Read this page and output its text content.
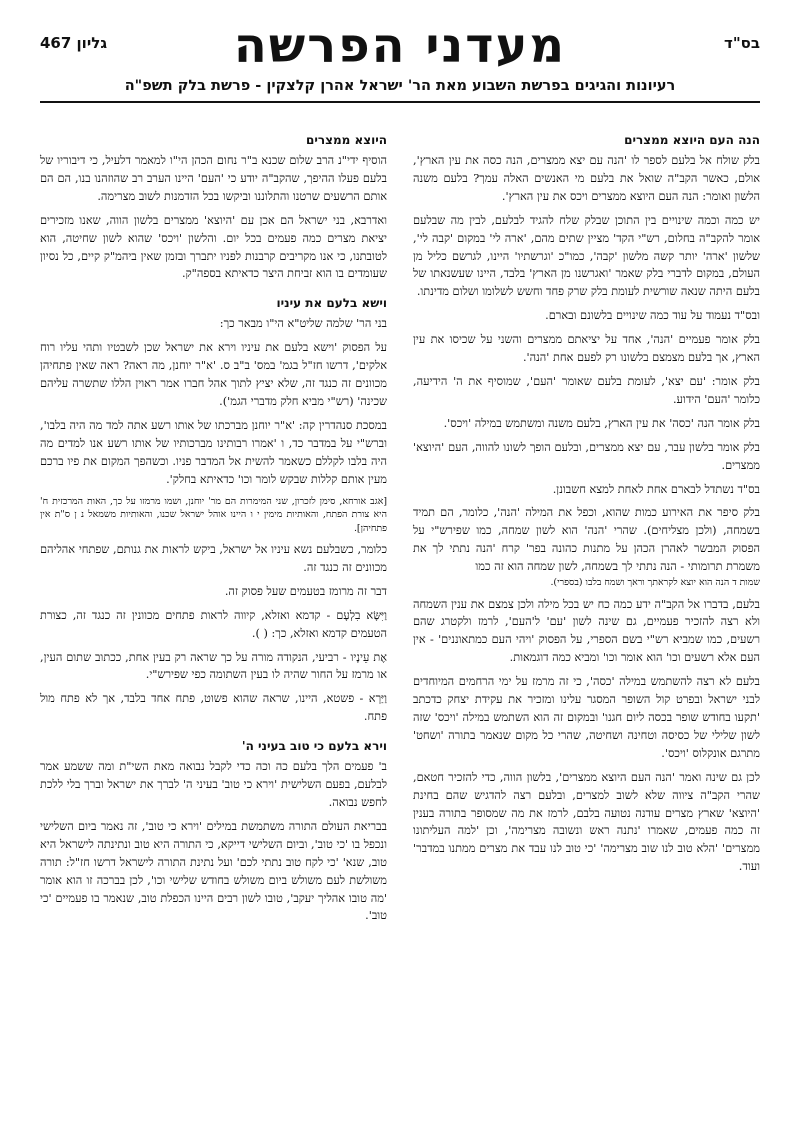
בס"ד
מעדני הפרשה
גליון 467
רעיונות והגיגים בפרשת השבוע מאת הר' ישראל אהרן קלצקין - פרשת בלק תשפ"ה
הנה העם היוצא ממצרים

בלק שולח אל בלעם לספר לו 'הנה עם יצא ממצרים, הנה כסה את עין הארץ', אולם, כאשר הקב"ה שואל את בלעם מי האנשים האלה עמך? בלעם משנה הלשון ואומר: הנה העם היוצא ממצרים ויכס את עין הארץ'.

יש כמה וכמה שינויים בין התוכן שבלק שלח להגיד לבלעם, לבין מה שבלעם אומר להקב"ה בחלום, רש"י הקד' מציין שתים מהם, 'ארה לי' במקום 'קבה לי', שלשון 'ארה' יותר קשה מלשון 'קבה', כמו"כ 'וגרשתיו' היינו, לגרשם כליל מן העולם, במקום לדברי בלק שאמר 'ואגרשנו מן הארץ' בלבד, היינו שעשנאתו של בלעם היתה שנאה שורשית לעומת בלק שרק פחד וחשש לשלומו ושלום מדינתו.

ובס"ד נעמוד על עוד כמה שינויים בלשונם ובארם.

בלק אומר פעמיים 'הנה', אחד על יציאתם ממצרים והשני על שכיסו את עין הארץ, אך בלעם מצמצם בלשונו רק לפעם אחת 'הנה'.

בלק אומר: 'עם יצא', לעומת בלעם שאומר 'העם', שמוסיף את ה' הידיעה, כלומר 'העם' הידוע.

בלק אומר הנה 'כסה' את עין הארץ, בלעם משנה ומשתמש במילה 'ויכס'.

בלק אומר בלשון עבר, עם יצא ממצרים, ובלעם הופך לשונו להווה, העם 'היוצא' ממצרים.

בס"ד נשתדל לבארם אחת לאחת למצא חשבונן.

בלק סיפר את האירוע כמות שהוא, וכפל את המילה 'הנה', כלומר, הם תמיד בשמחה, (ולכן מצליחים). שהרי 'הנה' הוא לשון שמחה, כמו שפירש"י על הפסוק המבשר לאהרן הכהן על מתנות כהונה בפר' קרח 'הנה נתתי לך את משמרת תרומותי - הנה נתתי לך בשמחה, לשון שמחה הוא זה כמו

שמות ד הנה הוא יוצא לקראתך וראך ושמח בלבו (בספרי).

בלעם, בדברו אל הקב"ה ידע כמה כח יש בכל מילה ולכן צמצם את ענין השמחה ולא רצה להזכיר פעמיים, גם שינה לשון 'עם' ל'העם', לרמז ולקטרג שהם רשעים, כמו שמביא רש"י בשם הספרי, על הפסוק 'ויהי העם כמתאוננים' - אין העם אלא רשעים וכו' הוא אומר וכו' ומביא כמה דוגמאות.

בלעם לא רצה להשתמש במילה 'כסה', כי זה מרמז על ימי הרחמים המיוחדים לבני ישראל ובפרט קול השופר המסגר עלינו ומזכיר את עקידת יצחק כדכתב 'תקעו בחודש שופר בכסה ליום חגנו' ובמקום זה הוא השתמש במילה 'ויכס' שזה לשון שלילי של כסיסה וטחינה ושחיטה, שהרי כל מקום שנאמר בתורה 'ושחט' מתרגם אונקלוס 'ויכס'.

לכן גם שינה ואמר 'הנה העם היוצא ממצרים', בלשון הווה, כדי להזכיר חטאם, שהרי הקב"ה ציווה שלא לשוב למצרים, ובלעם רצה להדגיש שהם בחינת 'היוצא' שארץ מצרים עודנה נטועה בלבם, לרמז את מה שמסופר בתורה בענין זה כמה פעמים, שאמרו 'נתנה ראש ונשובה מצרימה', וכן 'למה העליתונו ממצרים' 'הלא טוב לנו שוב מצרימה' 'כי טוב לנו עבד את מצרים ממתנו במדבר' ועוד.

היוצא ממצרים

הוסיף ידי"נ הרב שלום שכנא ב"ר נחום הכהן הי"ו למאמר דלעיל, כי דיבוריו של בלעם פעלו ההיפך, שהקב"ה יודע כי 'העם' היינו הערב רב שהוזהנו בנו, הם הם אותם הרשעים שרטנו והתלוננו וביקשו בכל הזדמנות לשוב מצרימה.

ואדרבא, בני ישראל הם אכן עם 'היוצא' ממצרים בלשון הווה, שאנו מזכירים יציאת מצרים כמה פעמים בכל יום. והלשון 'ויכס' שהוא לשון שחיטה, הוא לטובתנו, כי אנו מקריבים קרבנות לפניו יתברך ובזמן שאין ביהמ"ק קיים, כל נסיון שעומדים בו הוא זביחת היצר כדאיתא בספה"ק.

וישא בלעם את עיניו

בני הר' שלמה שליט"א הי"ו מבאר כך:

על הפסוק 'וישא בלעם את עיניו וירא את ישראל שכן לשבטיו ותהי עליו רוח אלקים', דרשו חז"ל בגמ' במס' ב"ב ס. 'א"ר יוחנן, מה ראה? ראה שאין פתחיהן מכוונים זה כנגד זה, שלא יציץ לתוך אהל חברו אמר ראוין הללו שתשרה עליהם שכינה' (רש"י מביא חלק מדברי הגמ').

במסכת סנהדרין קה: 'א"ר יוחנן מברכתו של אותו רשע אתה למד מה היה בלבו', וברש"י על במדבר כד, ו 'אמרו רבותינו מברכותיו של אותו רשע אנו למדים מה היה בלבו לקללם כשאמר להשית אל המדבר פניו. וכשהפך המקום את פיו ברכם מעין אותם קללות שבקש לומר וכו' כדאיתא בחלק'.

[אגב אורחא, סימן לזכרון, שני המימרות הם מר' יוחנן, ושמו מרמזו על כך, האות המרכזית ח' היא צורת הפתח, והאותיות מימין י ו היינו אוהל ישראל שכנו, והאותיות משמאל נ ן ס"ת אין פתחיהן].

כלומר, כשבלעם נשא עיניו אל ישראל, ביקש לראות את גנותם, שפתחי אהליהם מכוונים זה כנגד זה.

דבר זה מרומז בטעמים שעל פסוק זה.

וַיִּשָּׂא בִלְעָם - קדמא ואזלא, קיווה לראות פתחים מכוונין זה כנגד זה, כצורת הטעמים קדמא ואזלא, כך: ( ).

אֶת עֵינָיו - רביעי, הנקודה מורה על כך שראה רק בעין אחת, ככתוב שתום העין, או מרמז על החור שהיה לו בעין השתומה כפי שפירש"י.

וַיַּרְא - פשטא, היינו, שראה שהוא פשוט, פתח אחד בלבד, אך לא פתח מול פתח.

וירא בלעם כי טוב בעיני ה'

ב' פעמים הלך בלעם כה וכה כדי לקבל נבואה מאת השי"ת ומה ששמע אמר לבלעם, בפעם השלישית 'וירא כי טוב' בעיני ה' לברך את ישראל וברך בלי ללכת לחפש נבואה.

בבריאת העולם התורה משתמשת במילים 'וירא כי טוב', זה נאמר ביום השלישי ונכפל בו 'כי טוב', וביום השלישי דייקא, כי התורה היא טוב ונתינתה לישראל היא טוב, שנא' 'כי לקח טוב נתתי לכם' ועל נתינת התורה לישראל דרשו חז"ל: תורה משולשת לעם משולש ביום משולש בחודש שלישי וכו', לכן בברכה זו הוא אומר 'מה טובו אהליך יעקב', טובו לשון רבים היינו הכפלת טוב, שנאמר בו פעמיים 'כי טוב'.
